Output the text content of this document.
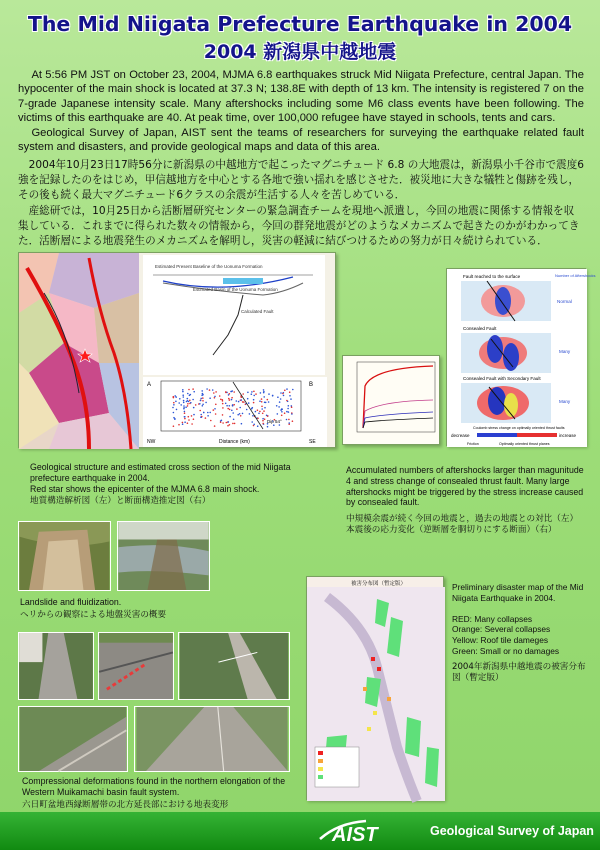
The Mid Niigata Prefecture Earthquake in 2004
2004 新潟県中越地震

At 5:56 PM JST on October 23, 2004, MJMA 6.8 earthquakes struck Mid Niigata Prefecture, central Japan. The hypocenter of the main shock is located at 37.3 N; 138.8E with depth of 13 km. The intensity is registered 7 on the 7-grade Japanese intensity scale. Many aftershocks including some M6 class events have been following. The victims of this earthquake are 40. At peak time, over 100,000 refugee have stayed in schools, tents and cars.

Geological Survey of Japan, AIST sent the teams of researchers for surveying the earthquake related fault system and disasters, and provide geological maps and data of this area.

2004年10月23日17時56分に新潟県の中越地方で起こったマグニチュード 6.8 の大地震は，新潟県小千谷市で震度6強を記録したのをはじめ，甲信越地方を中心とする各地で強い揺れを感じさせた．被災地に大きな犠牲と傷跡を残し，その後も続く最大マグニチュード6クラスの余震が生活する人々を苦しめている．

産総研では，10月25日から活断層研究センターの緊急調査チームを現地へ派遣し，今回の地震に関係する情報を収集している．これまでに得られた数々の情報から，今回の群発地震がどのようなメカニズムで起きたのかがわかってきた．活断層による地震発生のメカニズムを解明し，災害の軽減に結びつけるための努力が日々続けられている．

Estimated Present Baseline of the Uonuma Formation
Estimated Basin of the Uonuma Formation
Calculated Fault
A	B
NW	SE
Distance (km)
Dip 54°
Geological structure and estimated cross section of the mid Niigata prefecture earthquake in 2004.
Red star shows the epicenter of the MJMA 6.8 main shock.
地質構造解析図（左）と断面構造推定図（右）
Fault reached to the surface
Consealed Fault
Consealed Fault with Secondary Fault
Number of Aftershocks
Normal
Many
Many
decrease	increase
Coulomb stress change on optimally oriented thrust faults
Friction	Optimally oriented thrust planes
Accumulated numbers of aftershocks larger than magunitude 4 and stress change of consealed thrust fault. Many large aftershocks might be triggered by the stress increase caused by consealed fault.
中規模余震が続く今回の地震と，過去の地震との対比（左）本震後の応力変化（逆断層を胴切りにする断面）（右）
Landslide and fluidization.
ヘリからの観察による地盤災害の概要
Compressional deformations found in the northern elongation of the Western Muikamachi basin fault system.
六日町盆地西縁断層帯の北方延長部における地表変形
被害分布図（暫定版）	Preliminary disaster map of the Mid Niigata Earthquake in 2004.

RED: Many collapses
Orange: Several collapses
Yellow: Roof tile dameges
Green: Small or no damages
2004年新潟県中越地震の被害分布図（暫定版）
AIST	Geological Survey of Japan
